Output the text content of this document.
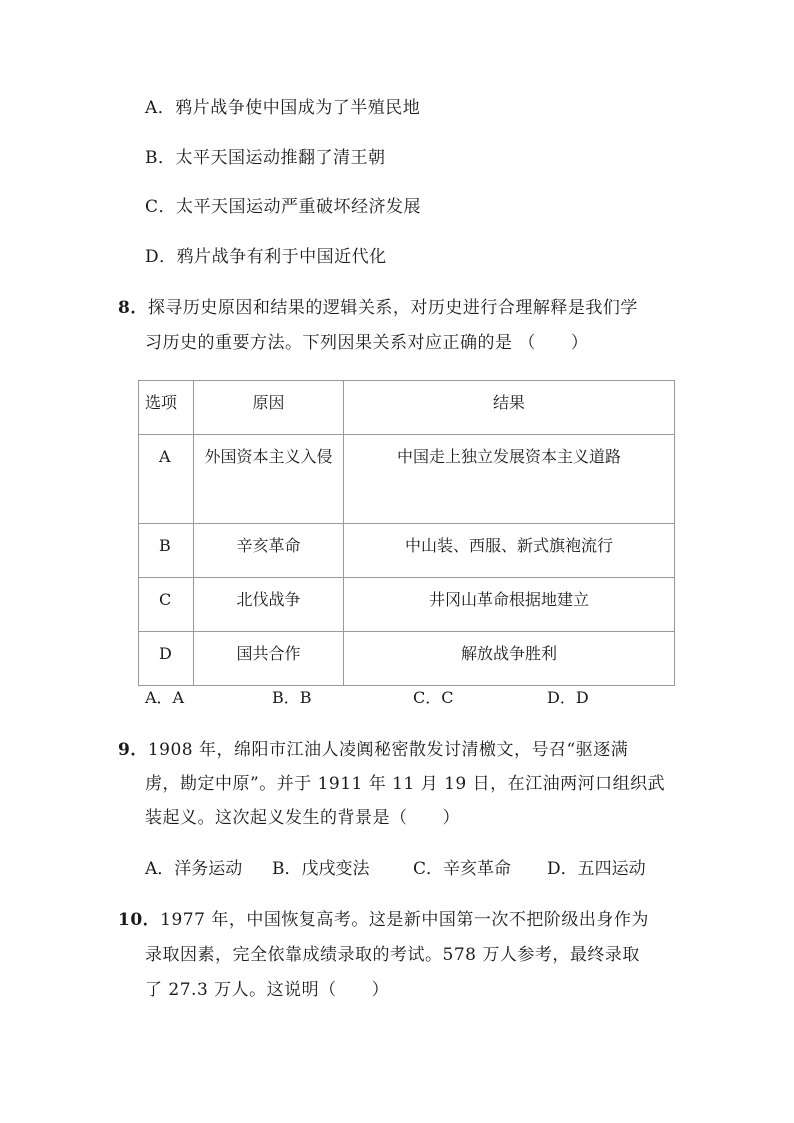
A．鸦片战争使中国成为了半殖民地
B．太平天国运动推翻了清王朝
C．太平天国运动严重破坏经济发展
D．鸦片战争有利于中国近代化
8．探寻历史原因和结果的逻辑关系，对历史进行合理解释是我们学
习历史的重要方法。下列因果关系对应正确的是 （　　）
选项	原因	结果
A	外国资本主义入侵	中国走上独立发展资本主义道路
B	辛亥革命	中山装、西服、新式旗袍流行
C	北伐战争	井冈山革命根据地建立
D	国共合作	解放战争胜利
A．A	B．B	C．C	D．D
9．1908 年，绵阳市江油人凌阗秘密散发讨清檄文，号召“驱逐满
虏，勘定中原”。并于 1911 年 11 月 19 日，在江油两河口组织武
装起义。这次起义发生的背景是（　　）
A．洋务运动 B．戊戌变法	C．辛亥革命 D．五四运动
10．1977 年，中国恢复高考。这是新中国第一次不把阶级出身作为
录取因素，完全依靠成绩录取的考试。578 万人参考，最终录取
了 27.3 万人。这说明（　　）
